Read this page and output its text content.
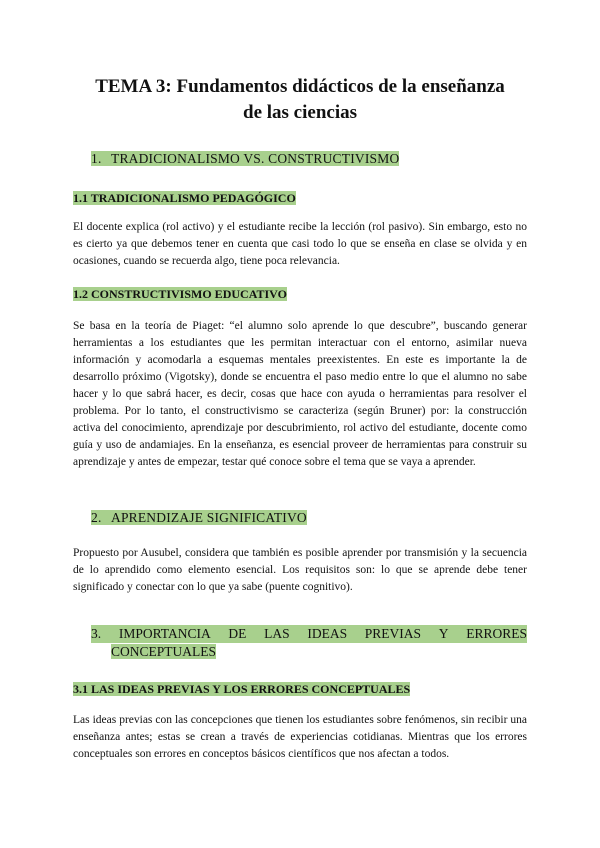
TEMA 3: Fundamentos didácticos de la enseñanza
de las ciencias
1. TRADICIONALISMO VS. CONSTRUCTIVISMO
1.1 TRADICIONALISMO PEDAGÓGICO

El docente explica (rol activo) y el estudiante recibe la lección (rol pasivo). Sin embargo, esto no es cierto ya que debemos tener en cuenta que casi todo lo que se enseña en clase se olvida y en ocasiones, cuando se recuerda algo, tiene poca relevancia.

1.2 CONSTRUCTIVISMO EDUCATIVO

Se basa en la teoría de Piaget: “el alumno solo aprende lo que descubre”, buscando generar herramientas a los estudiantes que les permitan interactuar con el entorno, asimilar nueva información y acomodarla a esquemas mentales preexistentes. En este es importante la de desarrollo próximo (Vigotsky), donde se encuentra el paso medio entre lo que el alumno no sabe hacer y lo que sabrá hacer, es decir, cosas que hace con ayuda o herramientas para resolver el problema. Por lo tanto, el constructivismo se caracteriza (según Bruner) por: la construcción activa del conocimiento, aprendizaje por descubrimiento, rol activo del estudiante, docente como guía y uso de andamiajes. En la enseñanza, es esencial proveer de herramientas para construir su aprendizaje y antes de empezar, testar qué conoce sobre el tema que se vaya a aprender.

2. APRENDIZAJE SIGNIFICATIVO

Propuesto por Ausubel, considera que también es posible aprender por transmisión y la secuencia de lo aprendido como elemento esencial. Los requisitos son: lo que se aprende debe tener significado y conectar con lo que ya sabe (puente cognitivo).

3. IMPORTANCIA DE LAS IDEAS PREVIAS Y ERRORES
CONCEPTUALES
3.1 LAS IDEAS PREVIAS Y LOS ERRORES CONCEPTUALES

Las ideas previas con las concepciones que tienen los estudiantes sobre fenómenos, sin recibir una enseñanza antes; estas se crean a través de experiencias cotidianas. Mientras que los errores conceptuales son errores en conceptos básicos científicos que nos afectan a todos.
